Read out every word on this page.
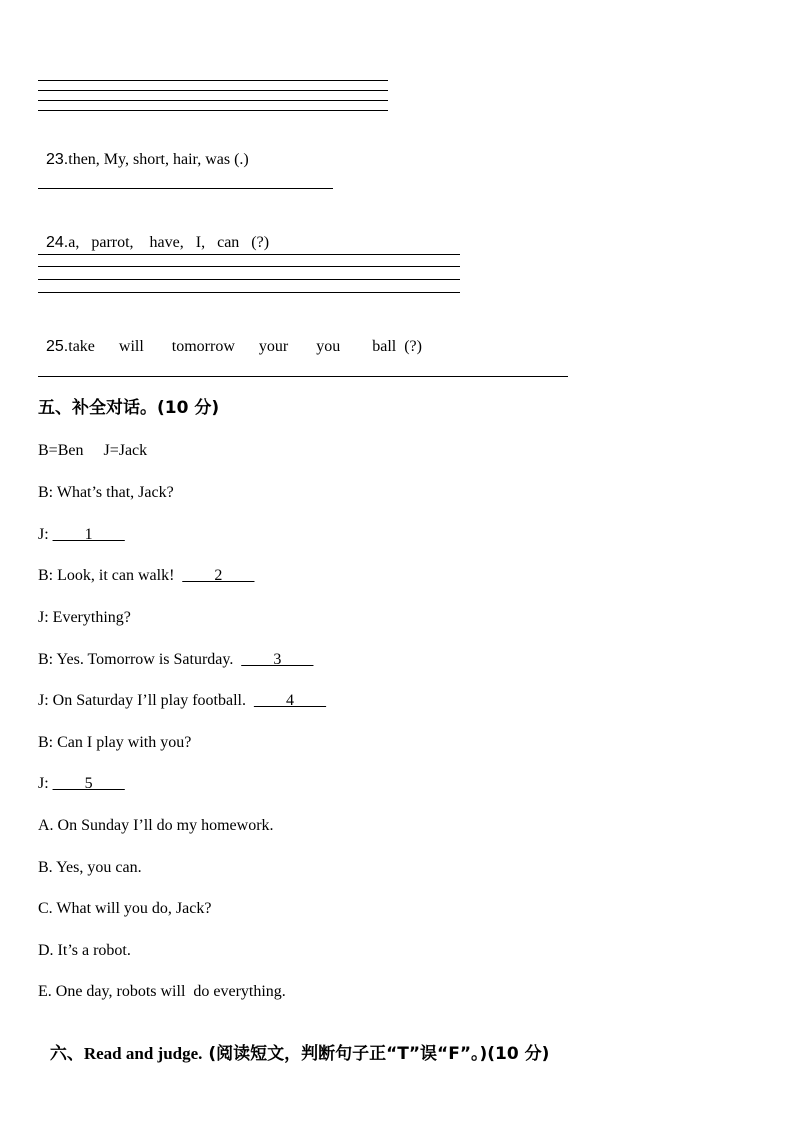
23.then, My, short, hair, was (.)

24.a,   parrot,    have,   I,   can   (?)

25.take      will       tomorrow      your       you        ball  (?)

五、补全对话。(10 分)
B=Ben     J=Jack
B: What’s that, Jack?
J: ____1____
B: Look, it can walk!  ____2____
J: Everything?
B: Yes. Tomorrow is Saturday.  ____3____
J: On Saturday I’ll play football.  ____4____
B: Can I play with you?
J: ____5____
A. On Sunday I’ll do my homework.
B. Yes, you can.
C. What will you do, Jack?
D. It’s a robot.
E. One day, robots will  do everything.

六、Read and judge. (阅读短文，判断句子正“T”误“F”。)(10 分)
